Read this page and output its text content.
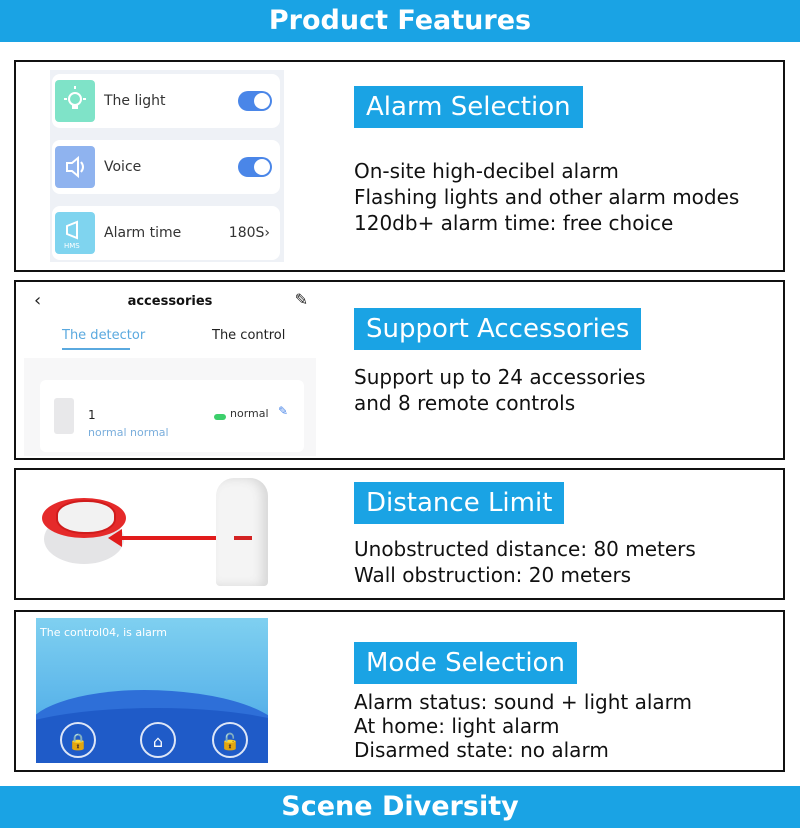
Product Features
The light
Voice
HMS
Alarm time	180S›
Alarm Selection
On-site high-decibel alarm
Flashing lights and other alarm modes
120db+ alarm time: free choice
‹	accessories	✎
The detector	The control
1
normal normal
normal ✎
Support Accessories
Support up to 24 accessories
and 8 remote controls
Distance Limit
Unobstructed distance: 80 meters
Wall obstruction: 20 meters
The control04, is alarm
🔒	⌂	🔓
Mode Selection
Alarm status: sound + light alarm
At home: light alarm
Disarmed state: no alarm
Scene Diversity
